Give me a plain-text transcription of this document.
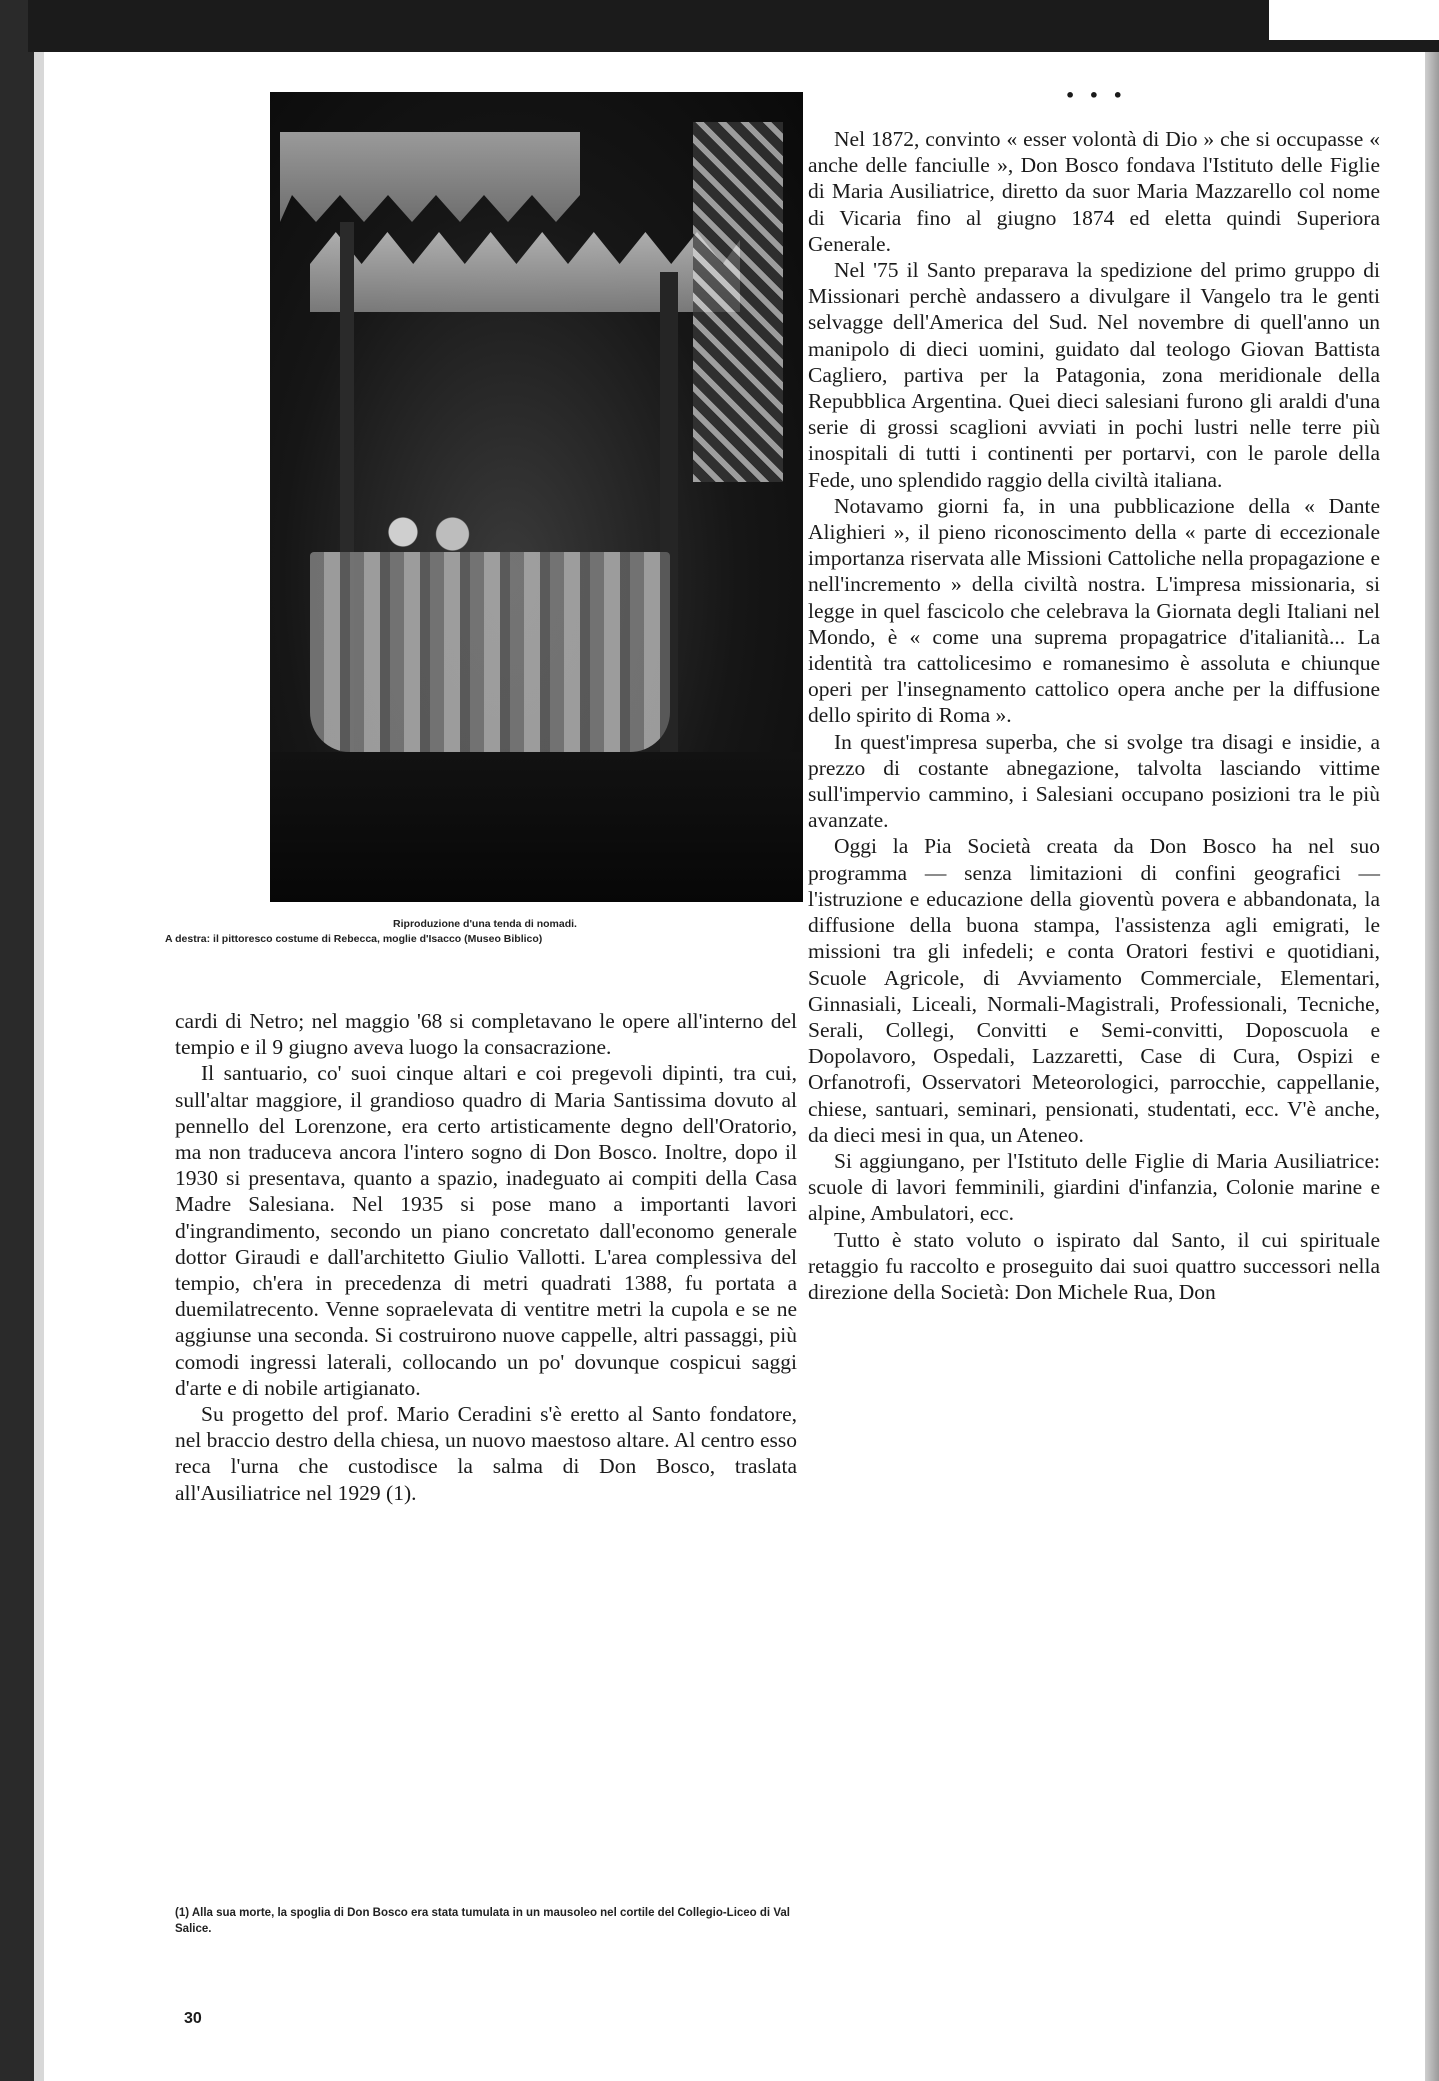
Riproduzione d'una tenda di nomadi.
A destra: il pittoresco costume di Rebecca, moglie d'Isacco (Museo Biblico)
• • •

cardi di Netro; nel maggio '68 si completavano le opere all'interno del tempio e il 9 giugno aveva luogo la consacrazione.

Il santuario, co' suoi cinque altari e coi pregevoli dipinti, tra cui, sull'altar maggiore, il grandioso quadro di Maria Santissima dovuto al pennello del Lorenzone, era certo artisticamente degno dell'Oratorio, ma non traduceva ancora l'intero sogno di Don Bosco. Inoltre, dopo il 1930 si presentava, quanto a spazio, inadeguato ai compiti della Casa Madre Salesiana. Nel 1935 si pose mano a importanti lavori d'ingrandimento, secondo un piano concretato dall'economo generale dottor Giraudi e dall'architetto Giulio Vallotti. L'area complessiva del tempio, ch'era in precedenza di metri quadrati 1388, fu portata a duemilatrecento. Venne sopraelevata di ventitre metri la cupola e se ne aggiunse una seconda. Si costruirono nuove cappelle, altri passaggi, più comodi ingressi laterali, collocando un po' dovunque cospicui saggi d'arte e di nobile artigianato.

Su progetto del prof. Mario Ceradini s'è eretto al Santo fondatore, nel braccio destro della chiesa, un nuovo maestoso altare. Al centro esso reca l'urna che custodisce la salma di Don Bosco, traslata all'Ausiliatrice nel 1929 (1).

(1) Alla sua morte, la spoglia di Don Bosco era stata tumulata in un mausoleo nel cortile del Collegio-Liceo di Val Salice.

Nel 1872, convinto « esser volontà di Dio » che si occupasse « anche delle fanciulle », Don Bosco fondava l'Istituto delle Figlie di Maria Ausiliatrice, diretto da suor Maria Mazzarello col nome di Vicaria fino al giugno 1874 ed eletta quindi Superiora Generale.

Nel '75 il Santo preparava la spedizione del primo gruppo di Missionari perchè andassero a divulgare il Vangelo tra le genti selvagge dell'America del Sud. Nel novembre di quell'anno un manipolo di dieci uomini, guidato dal teologo Giovan Battista Cagliero, partiva per la Patagonia, zona meridionale della Repubblica Argentina. Quei dieci salesiani furono gli araldi d'una serie di grossi scaglioni avviati in pochi lustri nelle terre più inospitali di tutti i continenti per portarvi, con le parole della Fede, uno splendido raggio della civiltà italiana.

Notavamo giorni fa, in una pubblicazione della « Dante Alighieri », il pieno riconoscimento della « parte di eccezionale importanza riservata alle Missioni Cattoliche nella propagazione e nell'incremento » della civiltà nostra. L'impresa missionaria, si legge in quel fascicolo che celebrava la Giornata degli Italiani nel Mondo, è « come una suprema propagatrice d'italianità... La identità tra cattolicesimo e romanesimo è assoluta e chiunque operi per l'insegnamento cattolico opera anche per la diffusione dello spirito di Roma ».

In quest'impresa superba, che si svolge tra disagi e insidie, a prezzo di costante abnegazione, talvolta lasciando vittime sull'impervio cammino, i Salesiani occupano posizioni tra le più avanzate.

Oggi la Pia Società creata da Don Bosco ha nel suo programma — senza limitazioni di confini geografici — l'istruzione e educazione della gioventù povera e abbandonata, la diffusione della buona stampa, l'assistenza agli emigrati, le missioni tra gli infedeli; e conta Oratori festivi e quotidiani, Scuole Agricole, di Avviamento Commerciale, Elementari, Ginnasiali, Liceali, Normali-Magistrali, Professionali, Tecniche, Serali, Collegi, Convitti e Semi-convitti, Doposcuola e Dopolavoro, Ospedali, Lazzaretti, Case di Cura, Ospizi e Orfanotrofi, Osservatori Meteorologici, parrocchie, cappellanie, chiese, santuari, seminari, pensionati, studentati, ecc. V'è anche, da dieci mesi in qua, un Ateneo.

Si aggiungano, per l'Istituto delle Figlie di Maria Ausiliatrice: scuole di lavori femminili, giardini d'infanzia, Colonie marine e alpine, Ambulatori, ecc.

Tutto è stato voluto o ispirato dal Santo, il cui spirituale retaggio fu raccolto e proseguito dai suoi quattro successori nella direzione della Società: Don Michele Rua, Don

30
